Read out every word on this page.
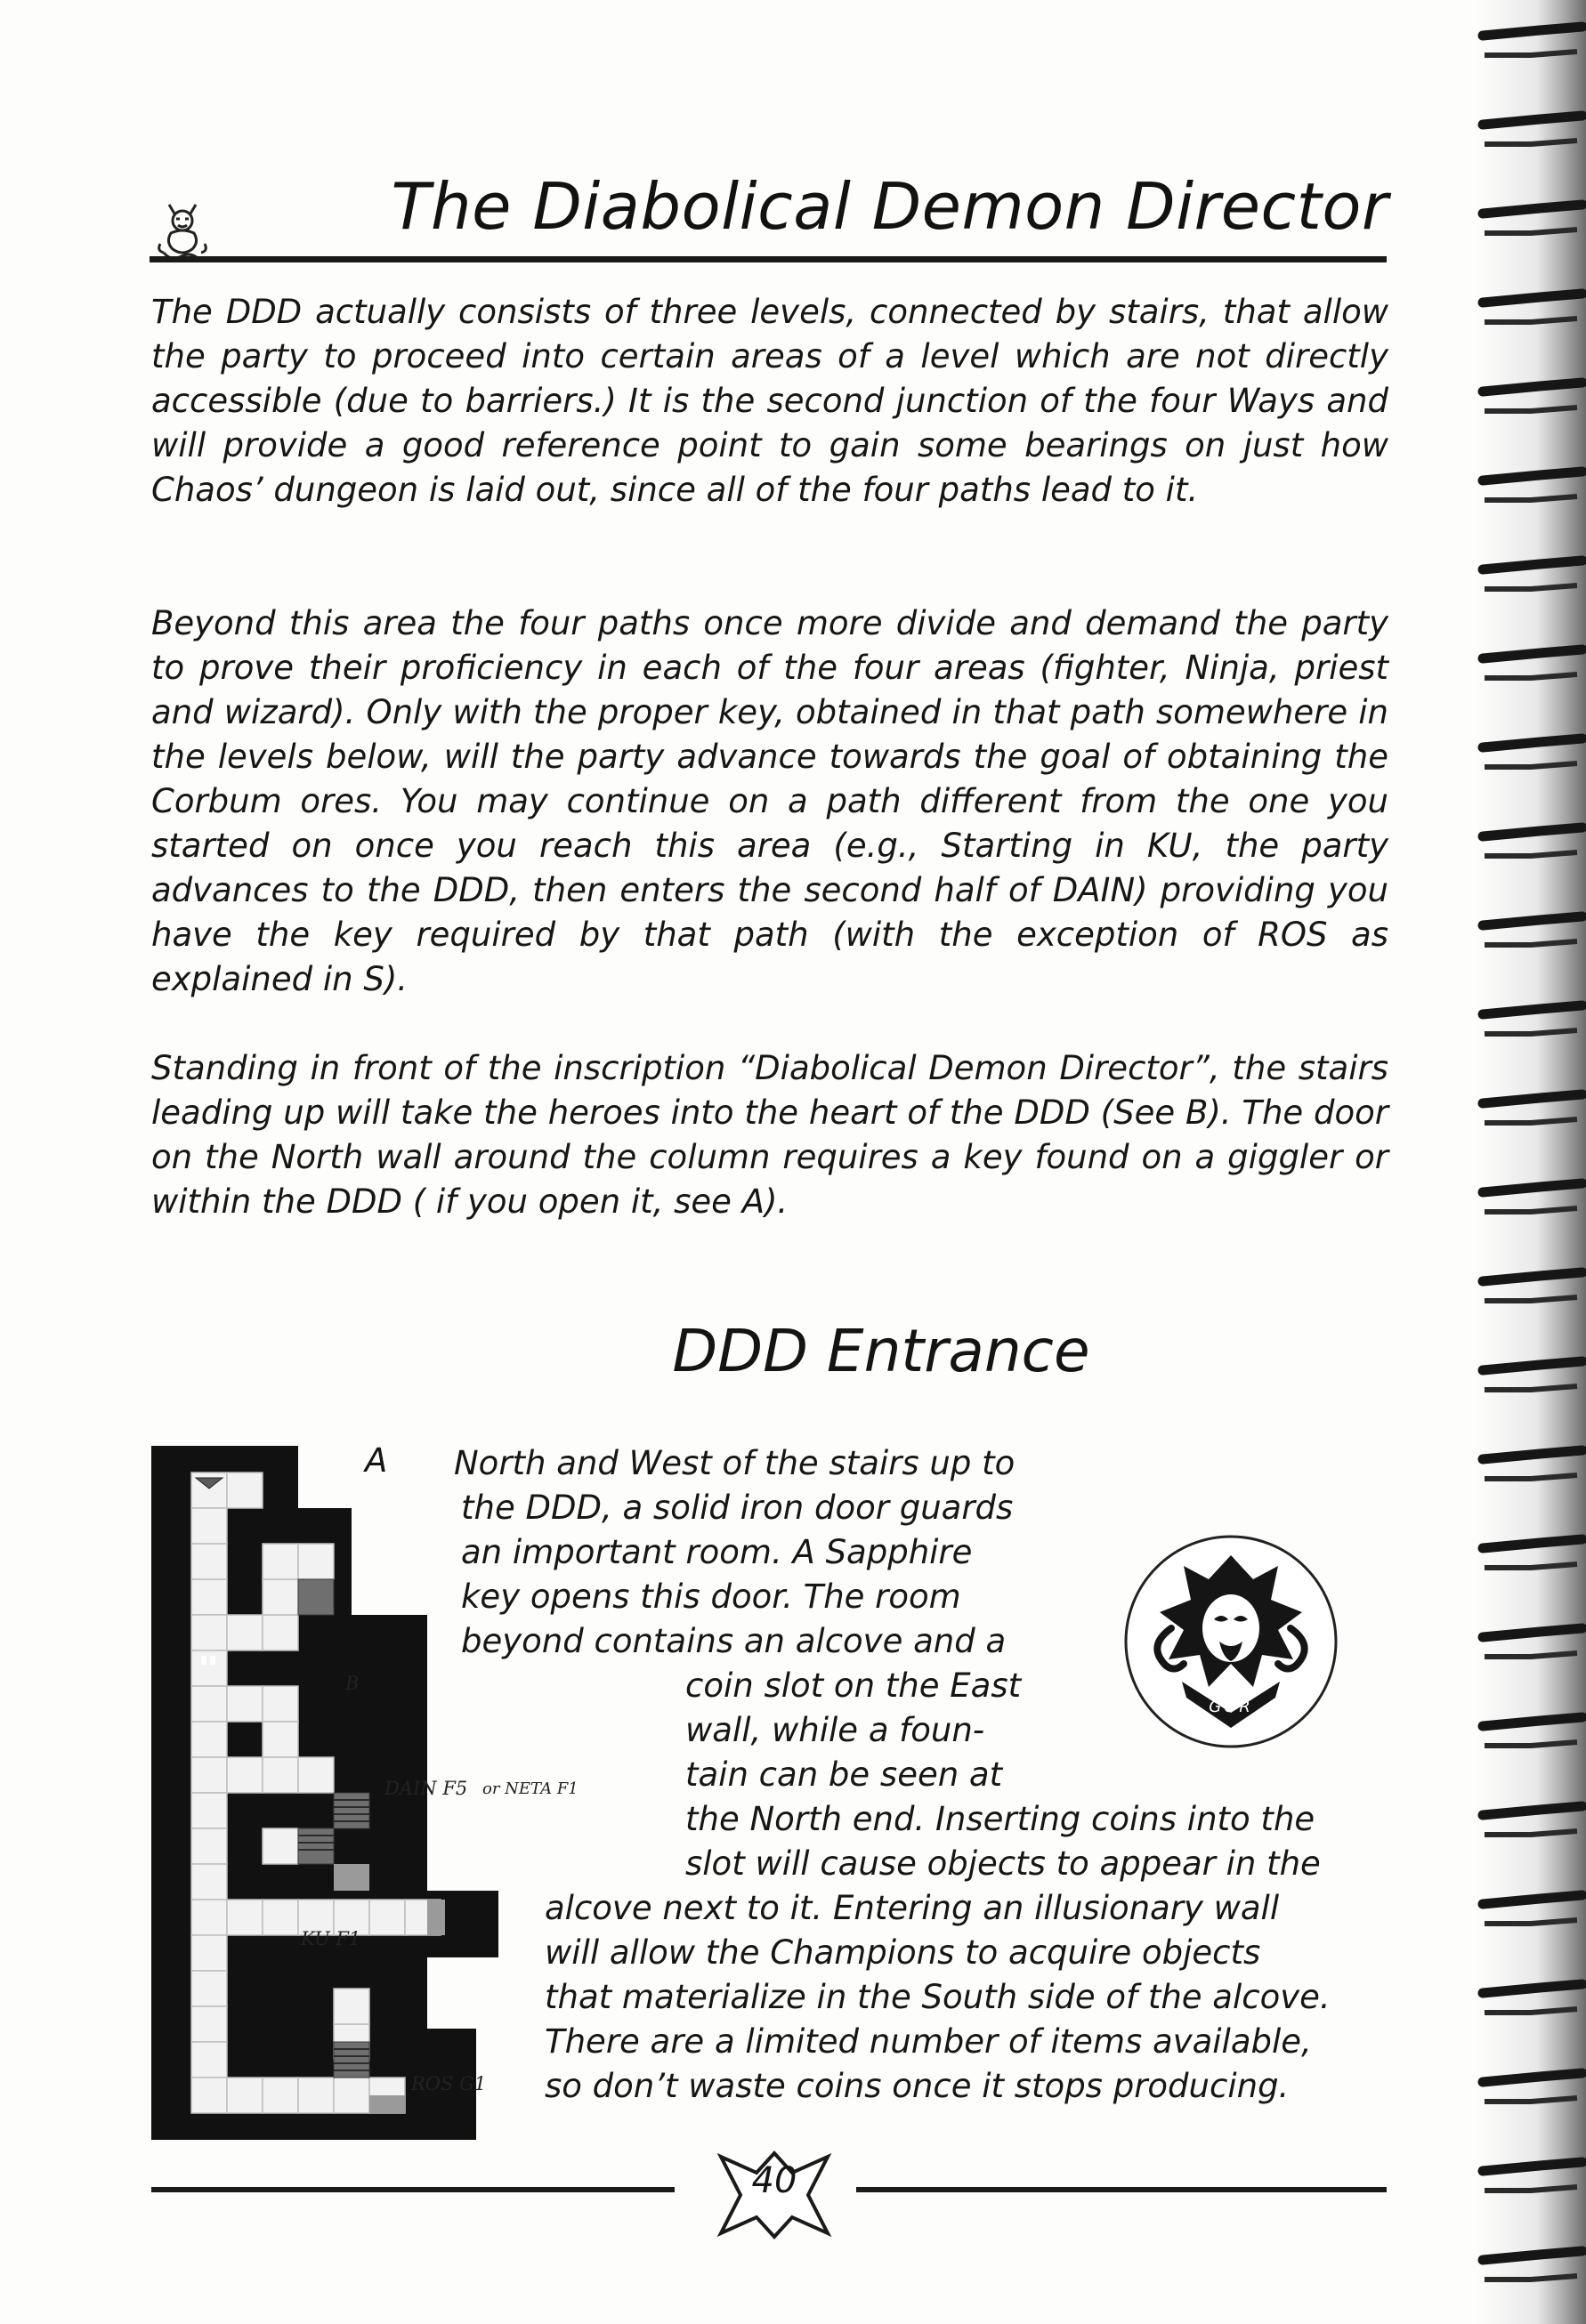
The Diabolical Demon Director
The DDD actually consists of three levels, connected by stairs, that allow the party to proceed into certain areas of a level which are not directly accessible (due to barriers.) It is the second junction of the four Ways and will provide a good reference point to gain some bearings on just how Chaos’ dungeon is laid out, since all of the four paths lead to it.
Beyond this area the four paths once more divide and demand the party to prove their proficiency in each of the four areas (fighter, Ninja, priest and wizard). Only with the proper key, obtained in that path somewhere in the levels below, will the party advance towards the goal of obtaining the Corbum ores. You may continue on a path different from the one you started on once you reach this area (e.g., Starting in KU, the party advances to the DDD, then enters the second half of DAIN) providing you have the key required by that path (with the exception of ROS as explained in S).
Standing in front of the inscription “Diabolical Demon Director”, the stairs leading up will take the heroes into the heart of the DDD (See B). The door on the North wall around the column requires a key found on a giggler or within the DDD ( if you open it, see A).
DDD Entrance
B
DAIN F5 or NETA F1
KU F1
ROS G1
A North and West of the stairs up to
the DDD, a solid iron door guards
an important room. A Sapphire
key opens this door. The room
beyond contains an alcove and a
coin slot on the East
wall, while a foun-
tain can be seen at
the North end. Inserting coins into the
slot will cause objects to appear in the
alcove next to it. Entering an illusionary wall
will allow the Champions to acquire objects
that materialize in the South side of the alcove.
There are a limited number of items available,
so don’t waste coins once it stops producing.
GOR
40
